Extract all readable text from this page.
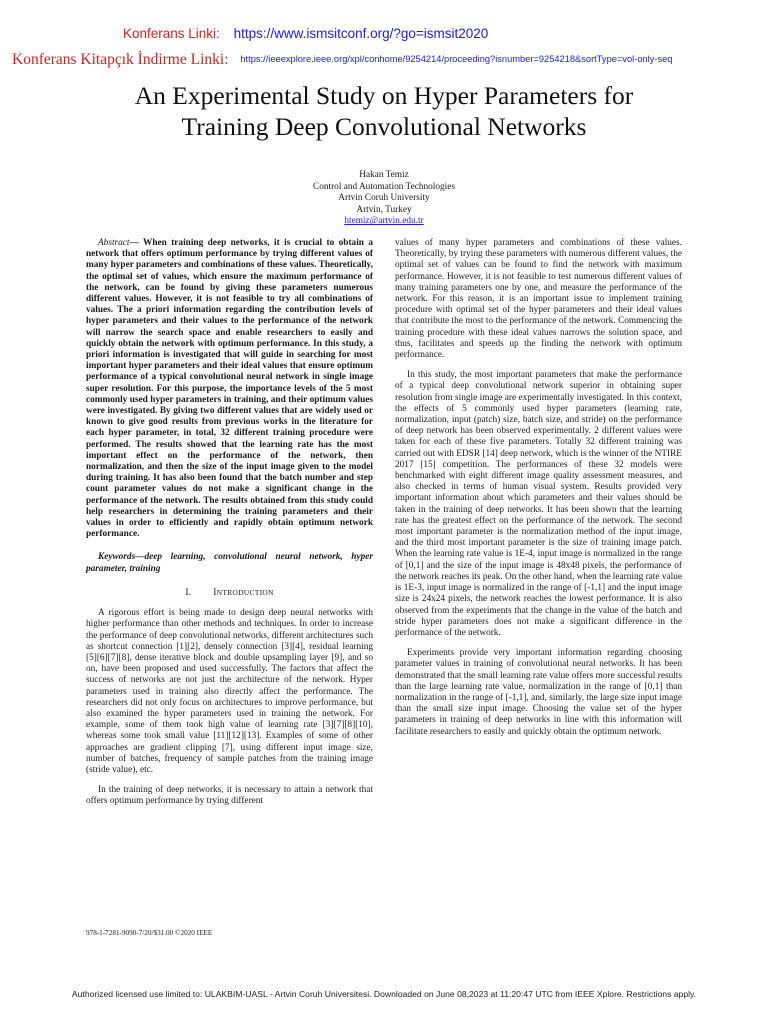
Konferans Linki: https://www.ismsitconf.org/?go=ismsit2020
Konferans Kitapçık İndirme Linki: https://ieeexplore.ieee.org/xpl/conhome/9254214/proceeding?isnumber=9254218&sortType=vol-only-seq
An Experimental Study on Hyper Parameters for
Training Deep Convolutional Networks
Hakan Temiz
Control and Automation Technologies
Artvin Coruh University
Artvin, Turkey
htemiz@artvin.edu.tr

Abstract— When training deep networks, it is crucial to obtain a network that offers optimum performance by trying different values of many hyper parameters and combinations of these values. Theoretically, the optimal set of values, which ensure the maximum performance of the network, can be found by giving these parameters numerous different values. However, it is not feasible to try all combinations of values. The a priori information regarding the contribution levels of hyper parameters and their values to the performance of the network will narrow the search space and enable researchers to easily and quickly obtain the network with optimum performance. In this study, a priori information is investigated that will guide in searching for most important hyper parameters and their ideal values that ensure optimum performance of a typical convolutional neural network in single image super resolution. For this purpose, the importance levels of the 5 most commonly used hyper parameters in training, and their optimum values were investigated. By giving two different values that are widely used or known to give good results from previous works in the literature for each hyper parameter, in total, 32 different training procedure were performed. The results showed that the learning rate has the most important effect on the performance of the network, then normalization, and then the size of the input image given to the model during training. It has also been found that the batch number and step count parameter values do not make a significant change in the performance of the network. The results obtained from this study could help researchers in determining the training parameters and their values in order to efficiently and rapidly obtain optimum network performance.

Keywords—deep learning, convolutional neural network, hyper parameter, training

I. INTRODUCTION

A rigorous effort is being made to design deep neural networks with higher performance than other methods and techniques. In order to increase the performance of deep convolutional networks, different architectures such as shortcut connection [1][2], densely connection [3][4], residual learning [5][6][7][8], dense iterative block and double upsampling layer [9], and so on, have been proposed and used successfully. The factors that affect the success of networks are not just the architecture of the network. Hyper parameters used in training also directly affect the performance. The researchers did not only focus on architectures to improve performance, but also examined the hyper parameters used in training the network. For example, some of them took high value of learning rate [3][7][8][10], whereas some took small value [11][12][13]. Examples of some of other approaches are gradient clipping [7], using different input image size, number of batches, frequency of sample patches from the training image (stride value), etc.

In the training of deep networks, it is necessary to attain a network that offers optimum performance by trying different

values of many hyper parameters and combinations of these values. Theoretically, by trying these parameters with numerous different values, the optimal set of values can be found to find the network with maximum performance. However, it is not feasible to test numerous different values of many training parameters one by one, and measure the performance of the network. For this reason, it is an important issue to implement training procedure with optimal set of the hyper parameters and their ideal values that contribute the most to the performance of the network. Commencing the training procedure with these ideal values narrows the solution space, and thus, facilitates and speeds up the finding the network with optimum performance.

In this study, the most important parameters that make the performance of a typical deep convolutional network superior in obtaining super resolution from single image are experimentally investigated. In this context, the effects of 5 commonly used hyper parameters (learning rate, normalization, input (patch) size, batch size, and stride) on the performance of deep network has been observed experimentally. 2 different values were taken for each of these five parameters. Totally 32 different training was carried out with EDSR [14] deep network, which is the winner of the NTIRE 2017 [15] competition. The performances of these 32 models were benchmarked with eight different image quality assessment measures, and also checked in terms of human visual system. Results provided very important information about which parameters and their values should be taken in the training of deep networks. It has been shown that the learning rate has the greatest effect on the performance of the network. The second most important parameter is the normalization method of the input image, and the third most important parameter is the size of training image patch. When the learning rate value is 1E-4, input image is normalized in the range of [0,1] and the size of the input image is 48x48 pixels, the performance of the network reaches its peak. On the other hand, when the learning rate value is 1E-3, input image is normalized in the range of [-1,1] and the input image size is 24x24 pixels, the network reaches the lowest performance. It is also observed from the experiments that the change in the value of the batch and stride hyper parameters does not make a significant difference in the performance of the network.

Experiments provide very important information regarding choosing parameter values in training of convolutional neural networks. It has been demonstrated that the small learning rate value offers more successful results than the large learning rate value, normalization in the range of [0,1] than normalization in the range of [-1,1], and, similarly, the large size input image than the small size input image. Choosing the value set of the hyper parameters in training of deep networks in line with this information will facilitate researchers to easily and quickly obtain the optimum network.

978-1-7281-9090-7/20/$31.00 ©2020 IEEE
Authorized licensed use limited to: ULAKBIM-UASL - Artvin Coruh Universitesi. Downloaded on June 08,2023 at 11:20:47 UTC from IEEE Xplore. Restrictions apply.
